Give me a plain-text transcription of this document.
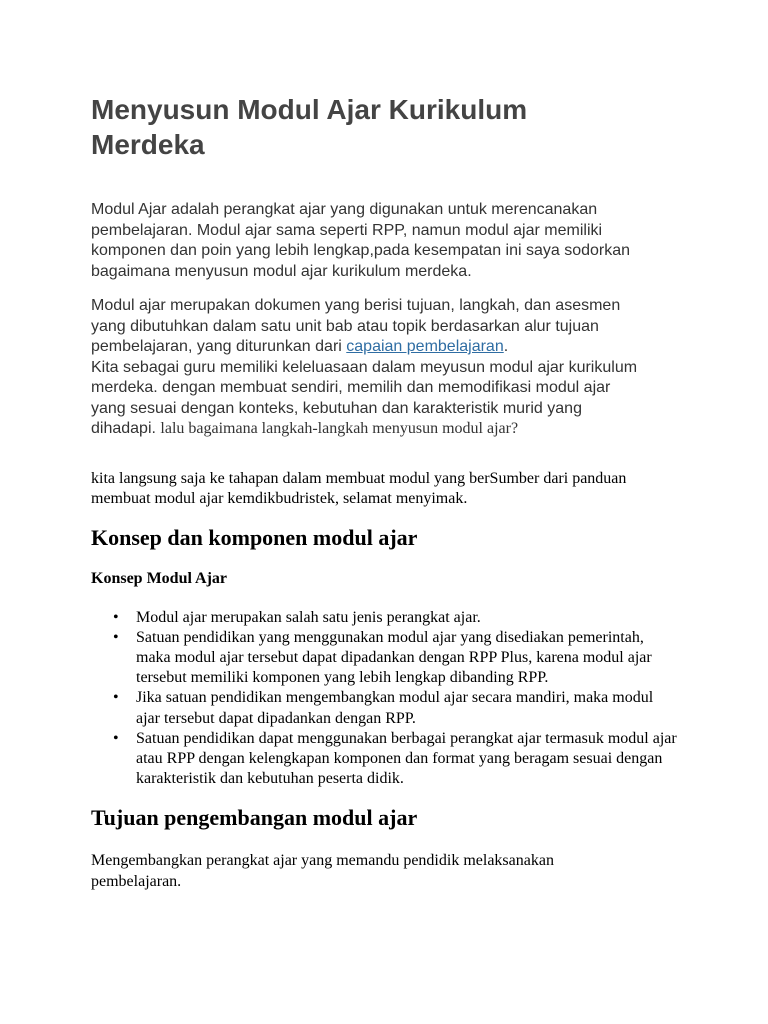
Menyusun Modul Ajar Kurikulum
Merdeka

Modul Ajar adalah perangkat ajar yang digunakan untuk merencanakan
pembelajaran. Modul ajar sama seperti RPP, namun modul ajar memiliki
komponen dan poin yang lebih lengkap,pada kesempatan ini saya sodorkan
bagaimana menyusun modul ajar kurikulum merdeka.

Modul ajar merupakan dokumen yang berisi tujuan, langkah, dan asesmen
yang dibutuhkan dalam satu unit bab atau topik berdasarkan alur tujuan
pembelajaran, yang diturunkan dari capaian pembelajaran.
Kita sebagai guru memiliki keleluasaan dalam meyusun modul ajar kurikulum
merdeka. dengan membuat sendiri, memilih dan memodifikasi modul ajar
yang sesuai dengan konteks, kebutuhan dan karakteristik murid yang
dihadapi. lalu bagaimana langkah-langkah menyusun modul ajar?

kita langsung saja ke tahapan dalam membuat modul yang berSumber dari panduan
membuat modul ajar kemdikbudristek, selamat menyimak.

Konsep dan komponen modul ajar
Konsep Modul Ajar
• Modul ajar merupakan salah satu jenis perangkat ajar.
• Satuan pendidikan yang menggunakan modul ajar yang disediakan pemerintah, maka modul ajar tersebut dapat dipadankan dengan RPP Plus, karena modul ajar tersebut memiliki komponen yang lebih lengkap dibanding RPP.
• Jika satuan pendidikan mengembangkan modul ajar secara mandiri, maka modul ajar tersebut dapat dipadankan dengan RPP.
• Satuan pendidikan dapat menggunakan berbagai perangkat ajar termasuk modul ajar atau RPP dengan kelengkapan komponen dan format yang beragam sesuai dengan karakteristik dan kebutuhan peserta didik.
Tujuan pengembangan modul ajar

Mengembangkan perangkat ajar yang memandu pendidik melaksanakan
pembelajaran.
